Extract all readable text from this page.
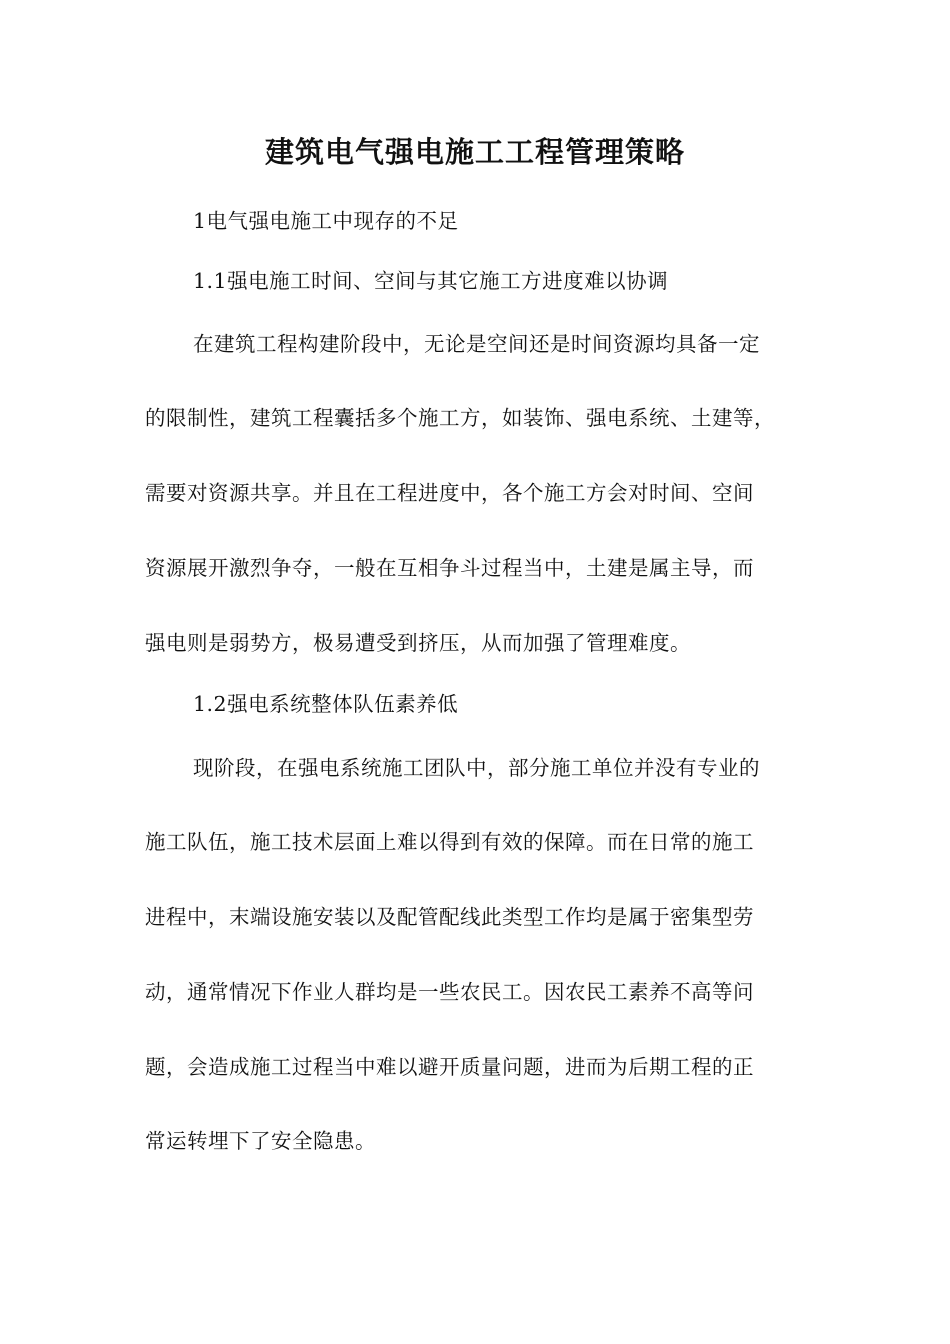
建筑电气强电施工工程管理策略
1电气强电施工中现存的不足
1.1强电施工时间、空间与其它施工方进度难以协调
在建筑工程构建阶段中，无论是空间还是时间资源均具备一定
的限制性，建筑工程囊括多个施工方，如装饰、强电系统、土建等，
需要对资源共享。并且在工程进度中，各个施工方会对时间、空间
资源展开激烈争夺，一般在互相争斗过程当中，土建是属主导，而
强电则是弱势方，极易遭受到挤压，从而加强了管理难度。
1.2强电系统整体队伍素养低
现阶段，在强电系统施工团队中，部分施工单位并没有专业的
施工队伍，施工技术层面上难以得到有效的保障。而在日常的施工
进程中，末端设施安装以及配管配线此类型工作均是属于密集型劳
动，通常情况下作业人群均是一些农民工。因农民工素养不高等问
题，会造成施工过程当中难以避开质量问题，进而为后期工程的正
常运转埋下了安全隐患。
